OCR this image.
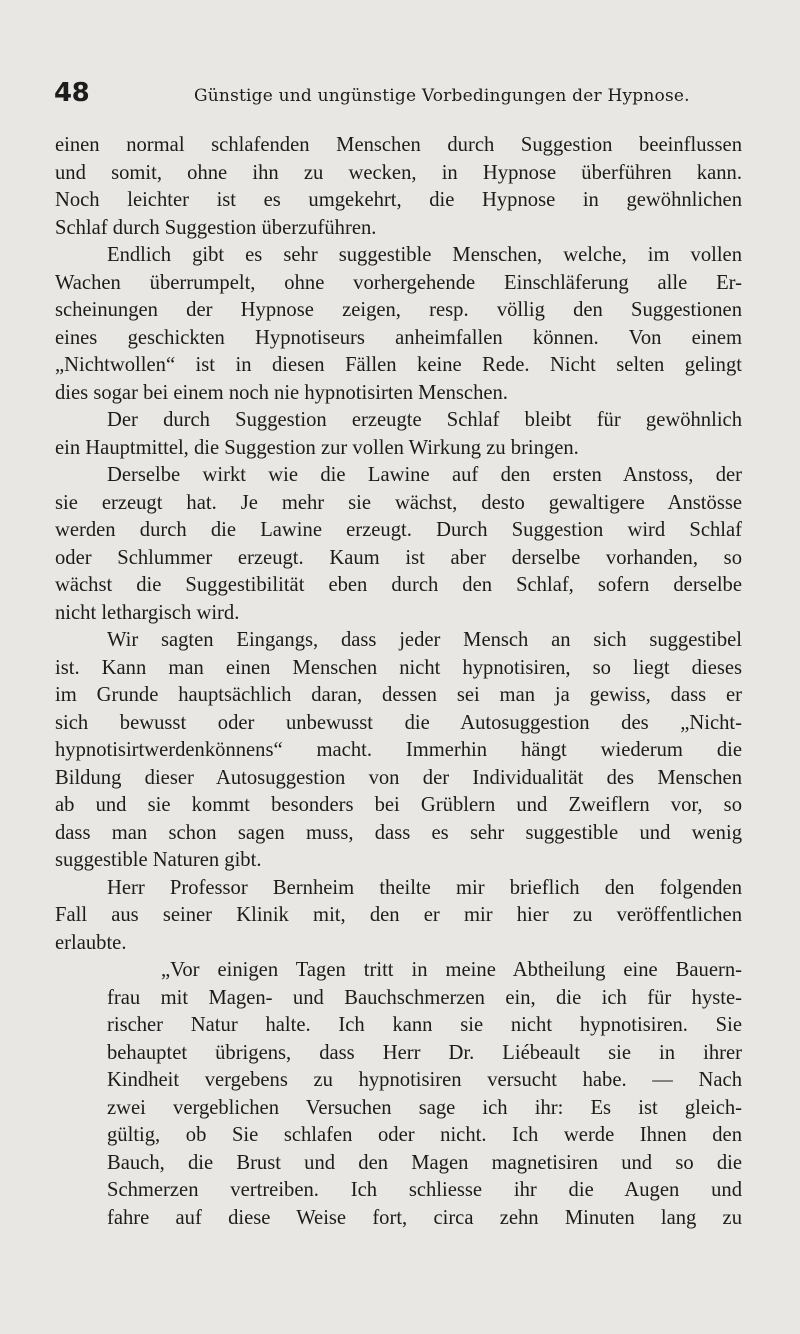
48	Günstige und ungünstige Vorbedingungen der Hypnose.
einen normal schlafenden Menschen durch Suggestion beeinflussen
und somit, ohne ihn zu wecken, in Hypnose überführen kann.
Noch leichter ist es umgekehrt, die Hypnose in gewöhnlichen
Schlaf durch Suggestion überzuführen.
Endlich gibt es sehr suggestible Menschen, welche, im vollen
Wachen überrumpelt, ohne vorhergehende Einschläferung alle Er-
scheinungen der Hypnose zeigen, resp. völlig den Suggestionen
eines geschickten Hypnotiseurs anheimfallen können. Von einem
„Nichtwollen“ ist in diesen Fällen keine Rede. Nicht selten gelingt
dies sogar bei einem noch nie hypnotisirten Menschen.
Der durch Suggestion erzeugte Schlaf bleibt für gewöhnlich
ein Hauptmittel, die Suggestion zur vollen Wirkung zu bringen.
Derselbe wirkt wie die Lawine auf den ersten Anstoss, der
sie erzeugt hat. Je mehr sie wächst, desto gewaltigere Anstösse
werden durch die Lawine erzeugt. Durch Suggestion wird Schlaf
oder Schlummer erzeugt. Kaum ist aber derselbe vorhanden, so
wächst die Suggestibilität eben durch den Schlaf, sofern derselbe
nicht lethargisch wird.
Wir sagten Eingangs, dass jeder Mensch an sich suggestibel
ist. Kann man einen Menschen nicht hypnotisiren, so liegt dieses
im Grunde hauptsächlich daran, dessen sei man ja gewiss, dass er
sich bewusst oder unbewusst die Autosuggestion des „Nicht-
hypnotisirtwerdenkönnens“ macht. Immerhin hängt wiederum die
Bildung dieser Autosuggestion von der Individualität des Menschen
ab und sie kommt besonders bei Grüblern und Zweiflern vor, so
dass man schon sagen muss, dass es sehr suggestible und wenig
suggestible Naturen gibt.
Herr Professor Bernheim theilte mir brieflich den folgenden
Fall aus seiner Klinik mit, den er mir hier zu veröffentlichen
erlaubte.
„Vor einigen Tagen tritt in meine Abtheilung eine Bauern-
frau mit Magen- und Bauchschmerzen ein, die ich für hyste-
rischer Natur halte. Ich kann sie nicht hypnotisiren. Sie
behauptet übrigens, dass Herr Dr. Liébeault sie in ihrer
Kindheit vergebens zu hypnotisiren versucht habe. — Nach
zwei vergeblichen Versuchen sage ich ihr: Es ist gleich-
gültig, ob Sie schlafen oder nicht. Ich werde Ihnen den
Bauch, die Brust und den Magen magnetisiren und so die
Schmerzen vertreiben. Ich schliesse ihr die Augen und
fahre auf diese Weise fort, circa zehn Minuten lang zu
